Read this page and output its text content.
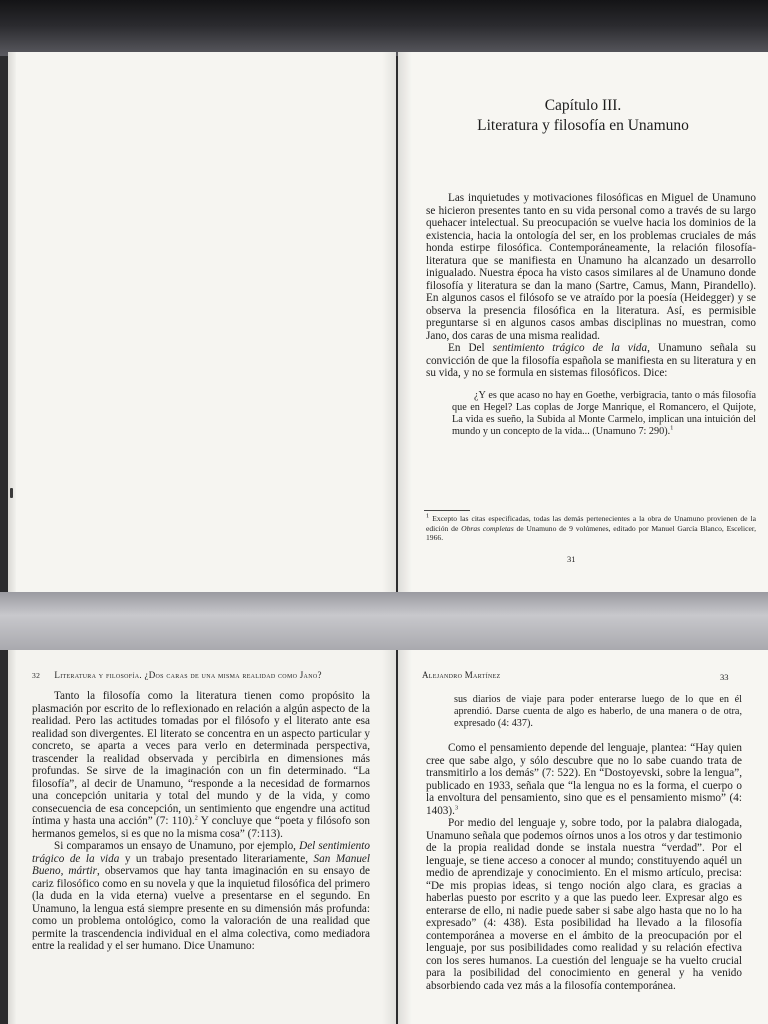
Capítulo III.
Literatura y filosofía en Unamuno

Las inquietudes y motivaciones filosóficas en Miguel de Unamuno se hicieron presentes tanto en su vida personal como a través de su largo quehacer intelectual. Su preocupación se vuelve hacia los dominios de la existencia, hacia la ontología del ser, en los problemas cruciales de más honda estirpe filosófica. Contemporáneamente, la relación filosofía-literatura que se manifiesta en Unamuno ha alcanzado un desarrollo inigualado. Nuestra época ha visto casos similares al de Unamuno donde filosofía y literatura se dan la mano (Sartre, Camus, Mann, Pirandello). En algunos casos el filósofo se ve atraído por la poesía (Heidegger) y se observa la presencia filosófica en la literatura. Así, es permisible preguntarse si en algunos casos ambas disciplinas no muestran, como Jano, dos caras de una misma realidad.

En Del sentimiento trágico de la vida, Unamuno señala su convicción de que la filosofía española se manifiesta en su literatura y en su vida, y no se formula en sistemas filosóficos. Dice:

¿Y es que acaso no hay en Goethe, verbigracia, tanto o más filosofía que en Hegel? Las coplas de Jorge Manrique, el Romancero, el Quijote, La vida es sueño, la Subida al Monte Carmelo, implican una intuición del mundo y un concepto de la vida... (Unamuno 7: 290).$^1$
$^1$ Excepto las citas especificadas, todas las demás pertenecientes a la obra de Unamuno provienen de la edición de Obras completas de Unamuno de 9 volúmenes, editado por Manuel García Blanco, Escelicer, 1966.
31
32 Literatura y filosofía. ¿Dos caras de una misma realidad como Jano?

Tanto la filosofía como la literatura tienen como propósito la plasmación por escrito de lo reflexionado en relación a algún aspecto de la realidad. Pero las actitudes tomadas por el filósofo y el literato ante esa realidad son divergentes. El literato se concentra en un aspecto particular y concreto, se aparta a veces para verlo en determinada perspectiva, trascender la realidad observada y percibirla en dimensiones más profundas. Se sirve de la imaginación con un fin determinado. “La filosofía”, al decir de Unamuno, “responde a la necesidad de formarnos una concepción unitaria y total del mundo y de la vida, y como consecuencia de esa concepción, un sentimiento que engendre una actitud íntima y hasta una acción” (7: 110).$^2$ Y concluye que “poeta y filósofo son hermanos gemelos, si es que no la misma cosa” (7:113).

Si comparamos un ensayo de Unamuno, por ejemplo, Del sentimiento trágico de la vida y un trabajo presentado literariamente, San Manuel Bueno, mártir, observamos que hay tanta imaginación en su ensayo de cariz filosófico como en su novela y que la inquietud filosófica del primero (la duda en la vida eterna) vuelve a presentarse en el segundo. En Unamuno, la lengua está siempre presente en su dimensión más profunda: como un problema ontológico, como la valoración de una realidad que permite la trascendencia individual en el alma colectiva, como mediadora entre la realidad y el ser humano. Dice Unamuno:

Alejandro Martínez	33
sus diarios de viaje para poder enterarse luego de lo que en él aprendió. Darse cuenta de algo es haberlo, de una manera o de otra, expresado (4: 437).

Como el pensamiento depende del lenguaje, plantea: “Hay quien cree que sabe algo, y sólo descubre que no lo sabe cuando trata de transmitirlo a los demás” (7: 522). En “Dostoyevski, sobre la lengua”, publicado en 1933, señala que “la lengua no es la forma, el cuerpo o la envoltura del pensamiento, sino que es el pensamiento mismo” (4: 1403).$^3$

Por medio del lenguaje y, sobre todo, por la palabra dialogada, Unamuno señala que podemos oírnos unos a los otros y dar testimonio de la propia realidad donde se instala nuestra “verdad”. Por el lenguaje, se tiene acceso a conocer al mundo; constituyendo aquél un medio de aprendizaje y conocimiento. En el mismo artículo, precisa: “De mis propias ideas, si tengo noción algo clara, es gracias a haberlas puesto por escrito y a que las puedo leer. Expresar algo es enterarse de ello, ni nadie puede saber si sabe algo hasta que no lo ha expresado” (4: 438). Esta posibilidad ha llevado a la filosofía contemporánea a moverse en el ámbito de la preocupación por el lenguaje, por sus posibilidades como realidad y su relación efectiva con los seres humanos. La cuestión del lenguaje se ha vuelto crucial para la posibilidad del conocimiento en general y ha venido absorbiendo cada vez más a la filosofía contemporánea.
